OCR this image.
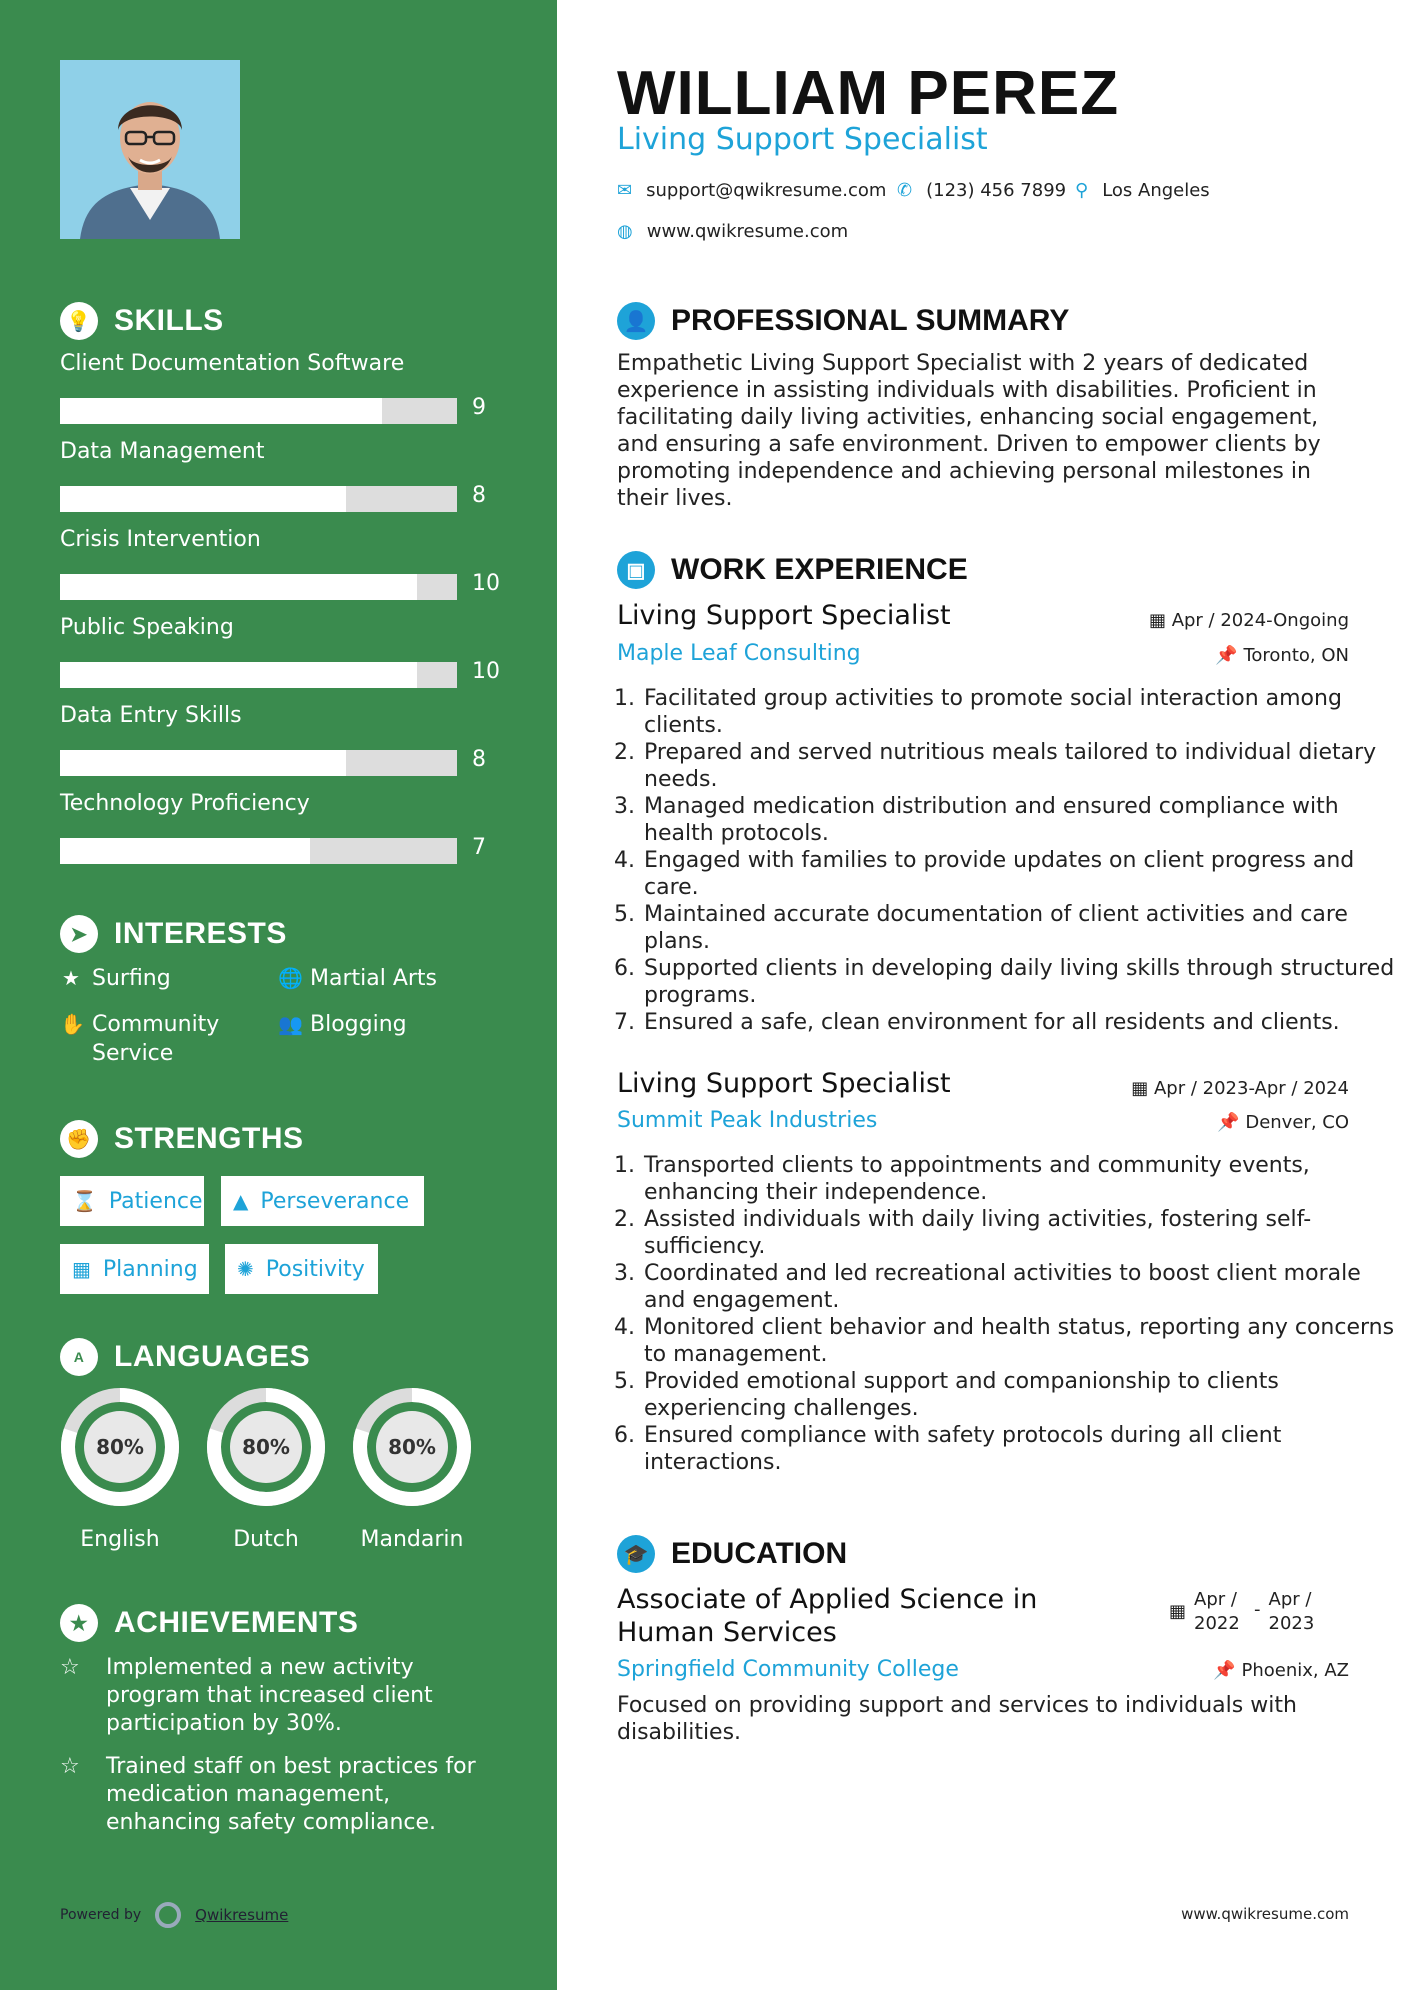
💡 SKILLS
Client Documentation Software
9
Data Management
8
Crisis Intervention
10
Public Speaking
10
Data Entry Skills
8
Technology Proficiency
7
➤ INTERESTS
★ Surfing	🌐 Martial Arts
✋ Community Service
👥 Blogging
✊ STRENGTHS
⌛ Patience ▲ Perseverance
▦ Planning ✺ Positivity
A LANGUAGES
80%
English
80%
Dutch
80%
Mandarin
★ ACHIEVEMENTS
☆	Implemented a new activity program that increased client participation by 30%.
☆	Trained staff on best practices for medication management, enhancing safety compliance.
Powered by	Qwikresume
WILLIAM PEREZ
Living Support Specialist
✉ support@qwikresume.com ✆ (123) 456 7899 ⚲ Los Angeles
◍ www.qwikresume.com
👤 PROFESSIONAL SUMMARY
Empathetic Living Support Specialist with 2 years of dedicated experience in assisting individuals with disabilities. Proficient in facilitating daily living activities, enhancing social engagement, and ensuring a safe environment. Driven to empower clients by promoting independence and achieving personal milestones in their lives.
▣ WORK EXPERIENCE
Living Support Specialist	▦ Apr / 2024-Ongoing
Maple Leaf Consulting	📌 Toronto, ON
1. Facilitated group activities to promote social interaction among clients.
2. Prepared and served nutritious meals tailored to individual dietary needs.
3. Managed medication distribution and ensured compliance with health protocols.
4. Engaged with families to provide updates on client progress and care.
5. Maintained accurate documentation of client activities and care plans.
6. Supported clients in developing daily living skills through structured programs.
7. Ensured a safe, clean environment for all residents and clients.
Living Support Specialist	▦ Apr / 2023-Apr / 2024
Summit Peak Industries	📌 Denver, CO
1. Transported clients to appointments and community events, enhancing their independence.
2. Assisted individuals with daily living activities, fostering self-sufficiency.
3. Coordinated and led recreational activities to boost client morale and engagement.
4. Monitored client behavior and health status, reporting any concerns to management.
5. Provided emotional support and companionship to clients experiencing challenges.
6. Ensured compliance with safety protocols during all client interactions.
🎓 EDUCATION
Associate of Applied Science in Human Services
Springfield Community College
▦
Apr / 2022
- Apr / 2023
📌 Phoenix, AZ
Focused on providing support and services to individuals with disabilities.
www.qwikresume.com
